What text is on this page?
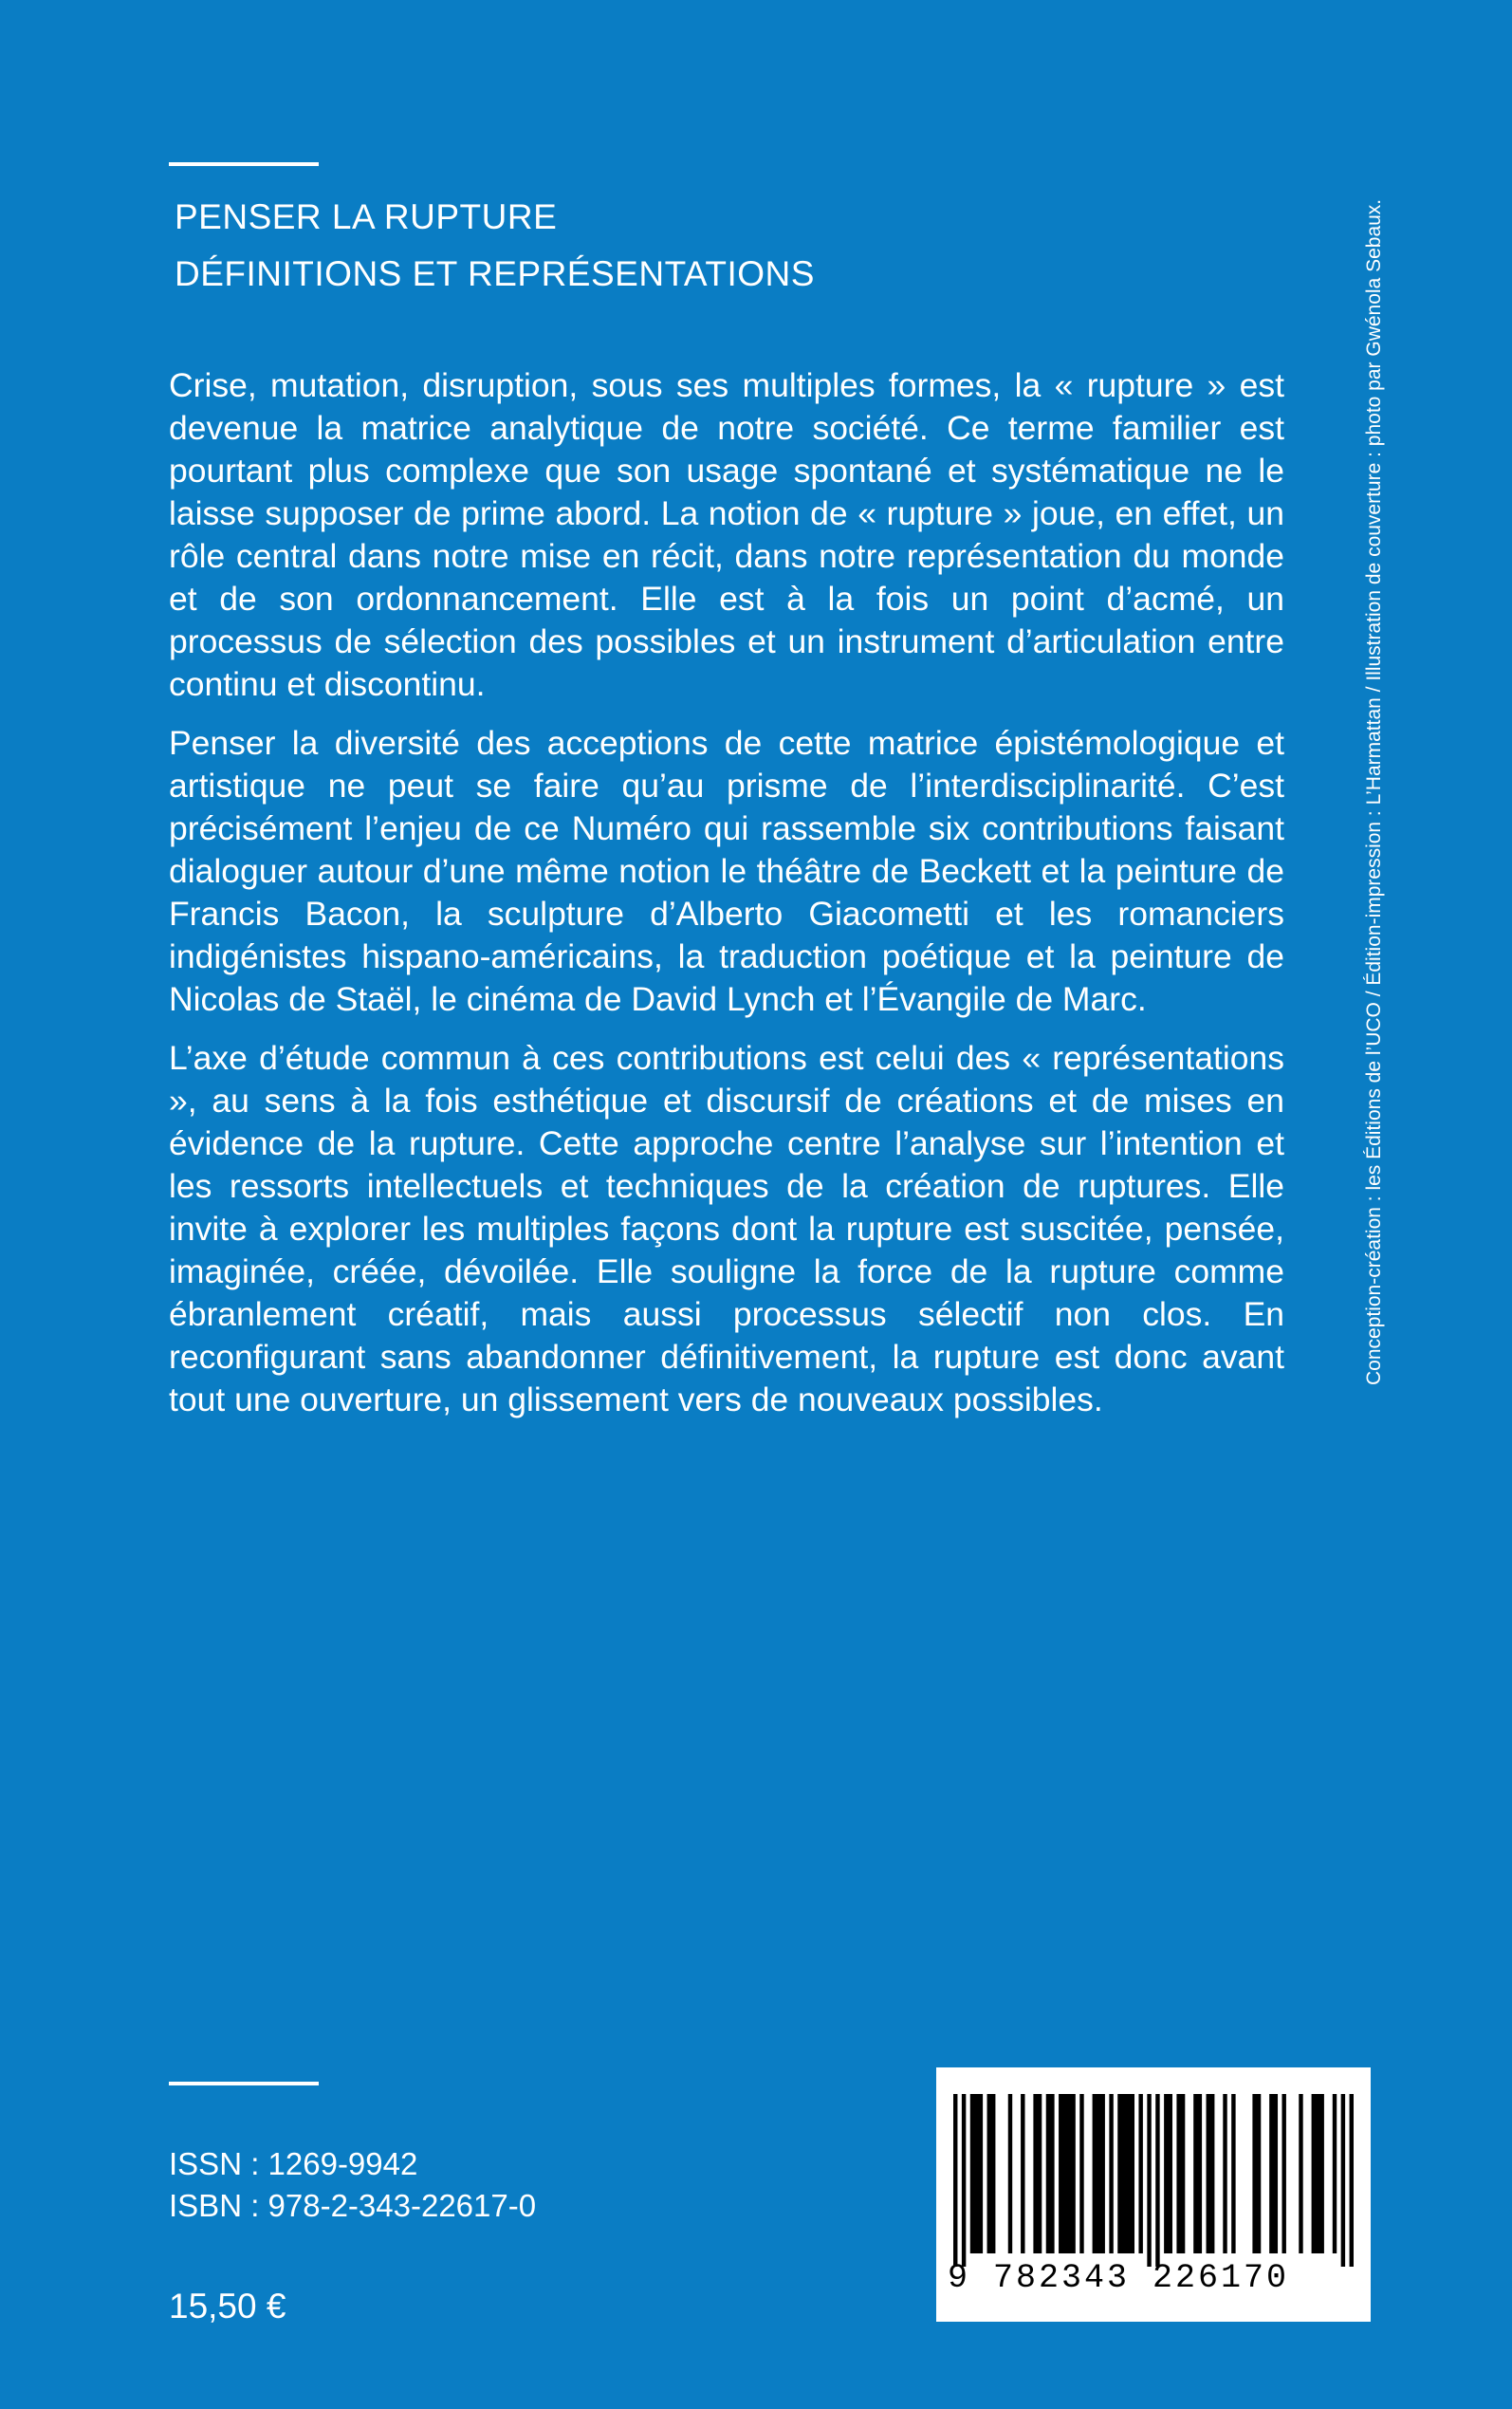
PENSER LA RUPTURE
DÉFINITIONS ET REPRÉSENTATIONS

Crise, mutation, disruption, sous ses multiples formes, la « rupture » est devenue la matrice analytique de notre société. Ce terme familier est pourtant plus complexe que son usage spontané et systématique ne le laisse supposer de prime abord. La notion de « rupture » joue, en effet, un rôle central dans notre mise en récit, dans notre représentation du monde et de son ordonnancement. Elle est à la fois un point d’acmé, un processus de sélection des possibles et un instrument d’articulation entre continu et discontinu.

Penser la diversité des acceptions de cette matrice épistémologique et artistique ne peut se faire qu’au prisme de l’interdisciplinarité. C’est précisément l’enjeu de ce Numéro qui rassemble six contributions faisant dialoguer autour d’une même notion le théâtre de Beckett et la peinture de Francis Bacon, la sculpture d’Alberto Giacometti et les romanciers indigénistes hispano-américains, la traduction poétique et la peinture de Nicolas de Staël, le cinéma de David Lynch et l’Évangile de Marc.

L’axe d’étude commun à ces contributions est celui des « représentations », au sens à la fois esthétique et discursif de créations et de mises en évidence de la rupture. Cette approche centre l’analyse sur l’intention et les ressorts intellectuels et techniques de la création de ruptures. Elle invite à explorer les multiples façons dont la rupture est suscitée, pensée, imaginée, créée, dévoilée. Elle souligne la force de la rupture comme ébranlement créatif, mais aussi processus sélectif non clos. En reconfigurant sans abandonner définitivement, la rupture est donc avant tout une ouverture, un glissement vers de nouveaux possibles.

Conception-création : les Éditions de l’UCO / Édition-impression : L’Harmattan / Illustration de couverture : photo par Gwénola Sebaux.
ISSN : 1269-9942
ISBN : 978-2-343-22617-0
15,50 €
9 782343 226170
